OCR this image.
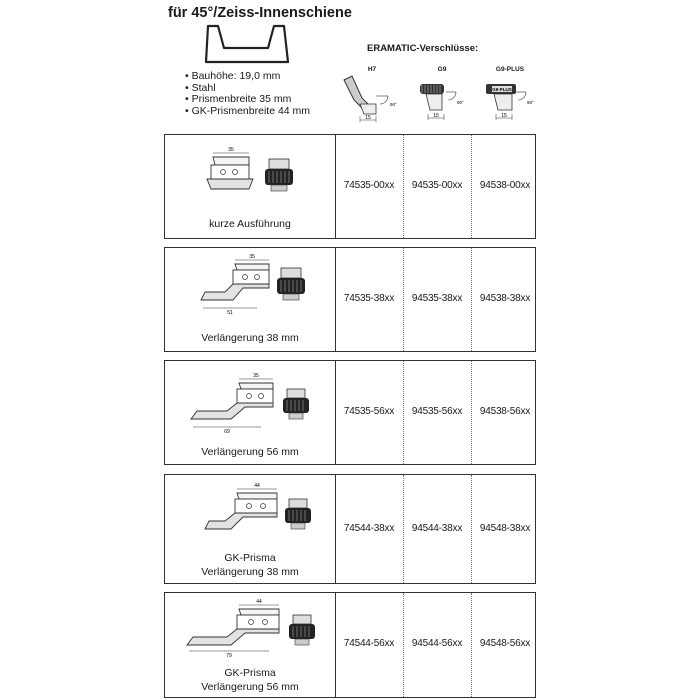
für 45°/Zeiss-Innenschiene
• Bauhöhe: 19,0 mm
• Stahl
• Prismenbreite 35 mm
• GK-Prismenbreite 44 mm
ERAMATIC-Verschlüsse:
H7
15
90°
G9
15
90°
G9-PLUS
G9-PLUS
15
90°
35
kurze Ausführung
74535-00xx	94535-00xx	94538-00xx
35
51
Verlängerung 38 mm
74535-38xx	94535-38xx	94538-38xx
35
69
Verlängerung 56 mm
74535-56xx	94535-56xx	94538-56xx
44
GK-Prisma
Verlängerung 38 mm
74544-38xx	94544-38xx	94548-38xx
44
79
GK-Prisma
Verlängerung 56 mm
74544-56xx	94544-56xx	94548-56xx
